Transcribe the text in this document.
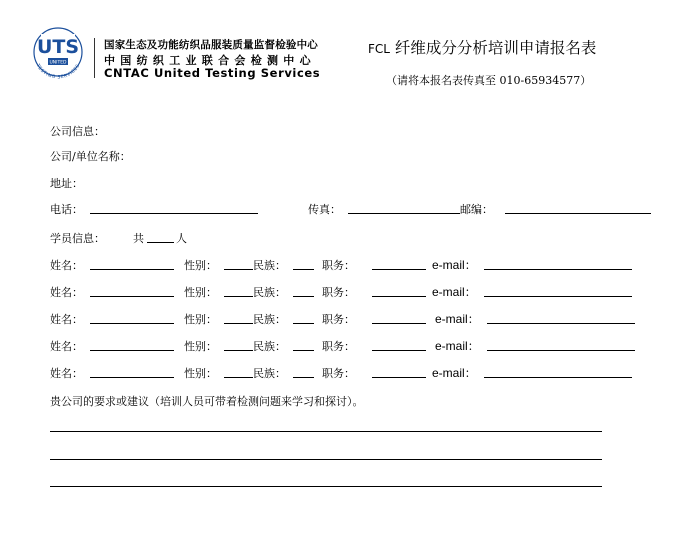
UTS
UNITED
TESTING SERVICES
国家生态及功能纺织品服装质量监督检验中心
中国纺织工业联合会检测中心
CNTAC United Testing Services
FCL 纤维成分分析培训申请报名表
（请将本报名表传真至 010-65934577）
公司信息：
公司/单位名称：
地址：
电话：	传真：	邮编：
学员信息：	共	人
姓名：	性别：	民族：	职务：	e-mail：
姓名：	性别：	民族：	职务：	e-mail：
姓名：	性别：	民族：	职务：	e-mail：
姓名：	性别：	民族：	职务：	e-mail：
姓名：	性别：	民族：	职务：	e-mail：
贵公司的要求或建议（培训人员可带着检测问题来学习和探讨）。
